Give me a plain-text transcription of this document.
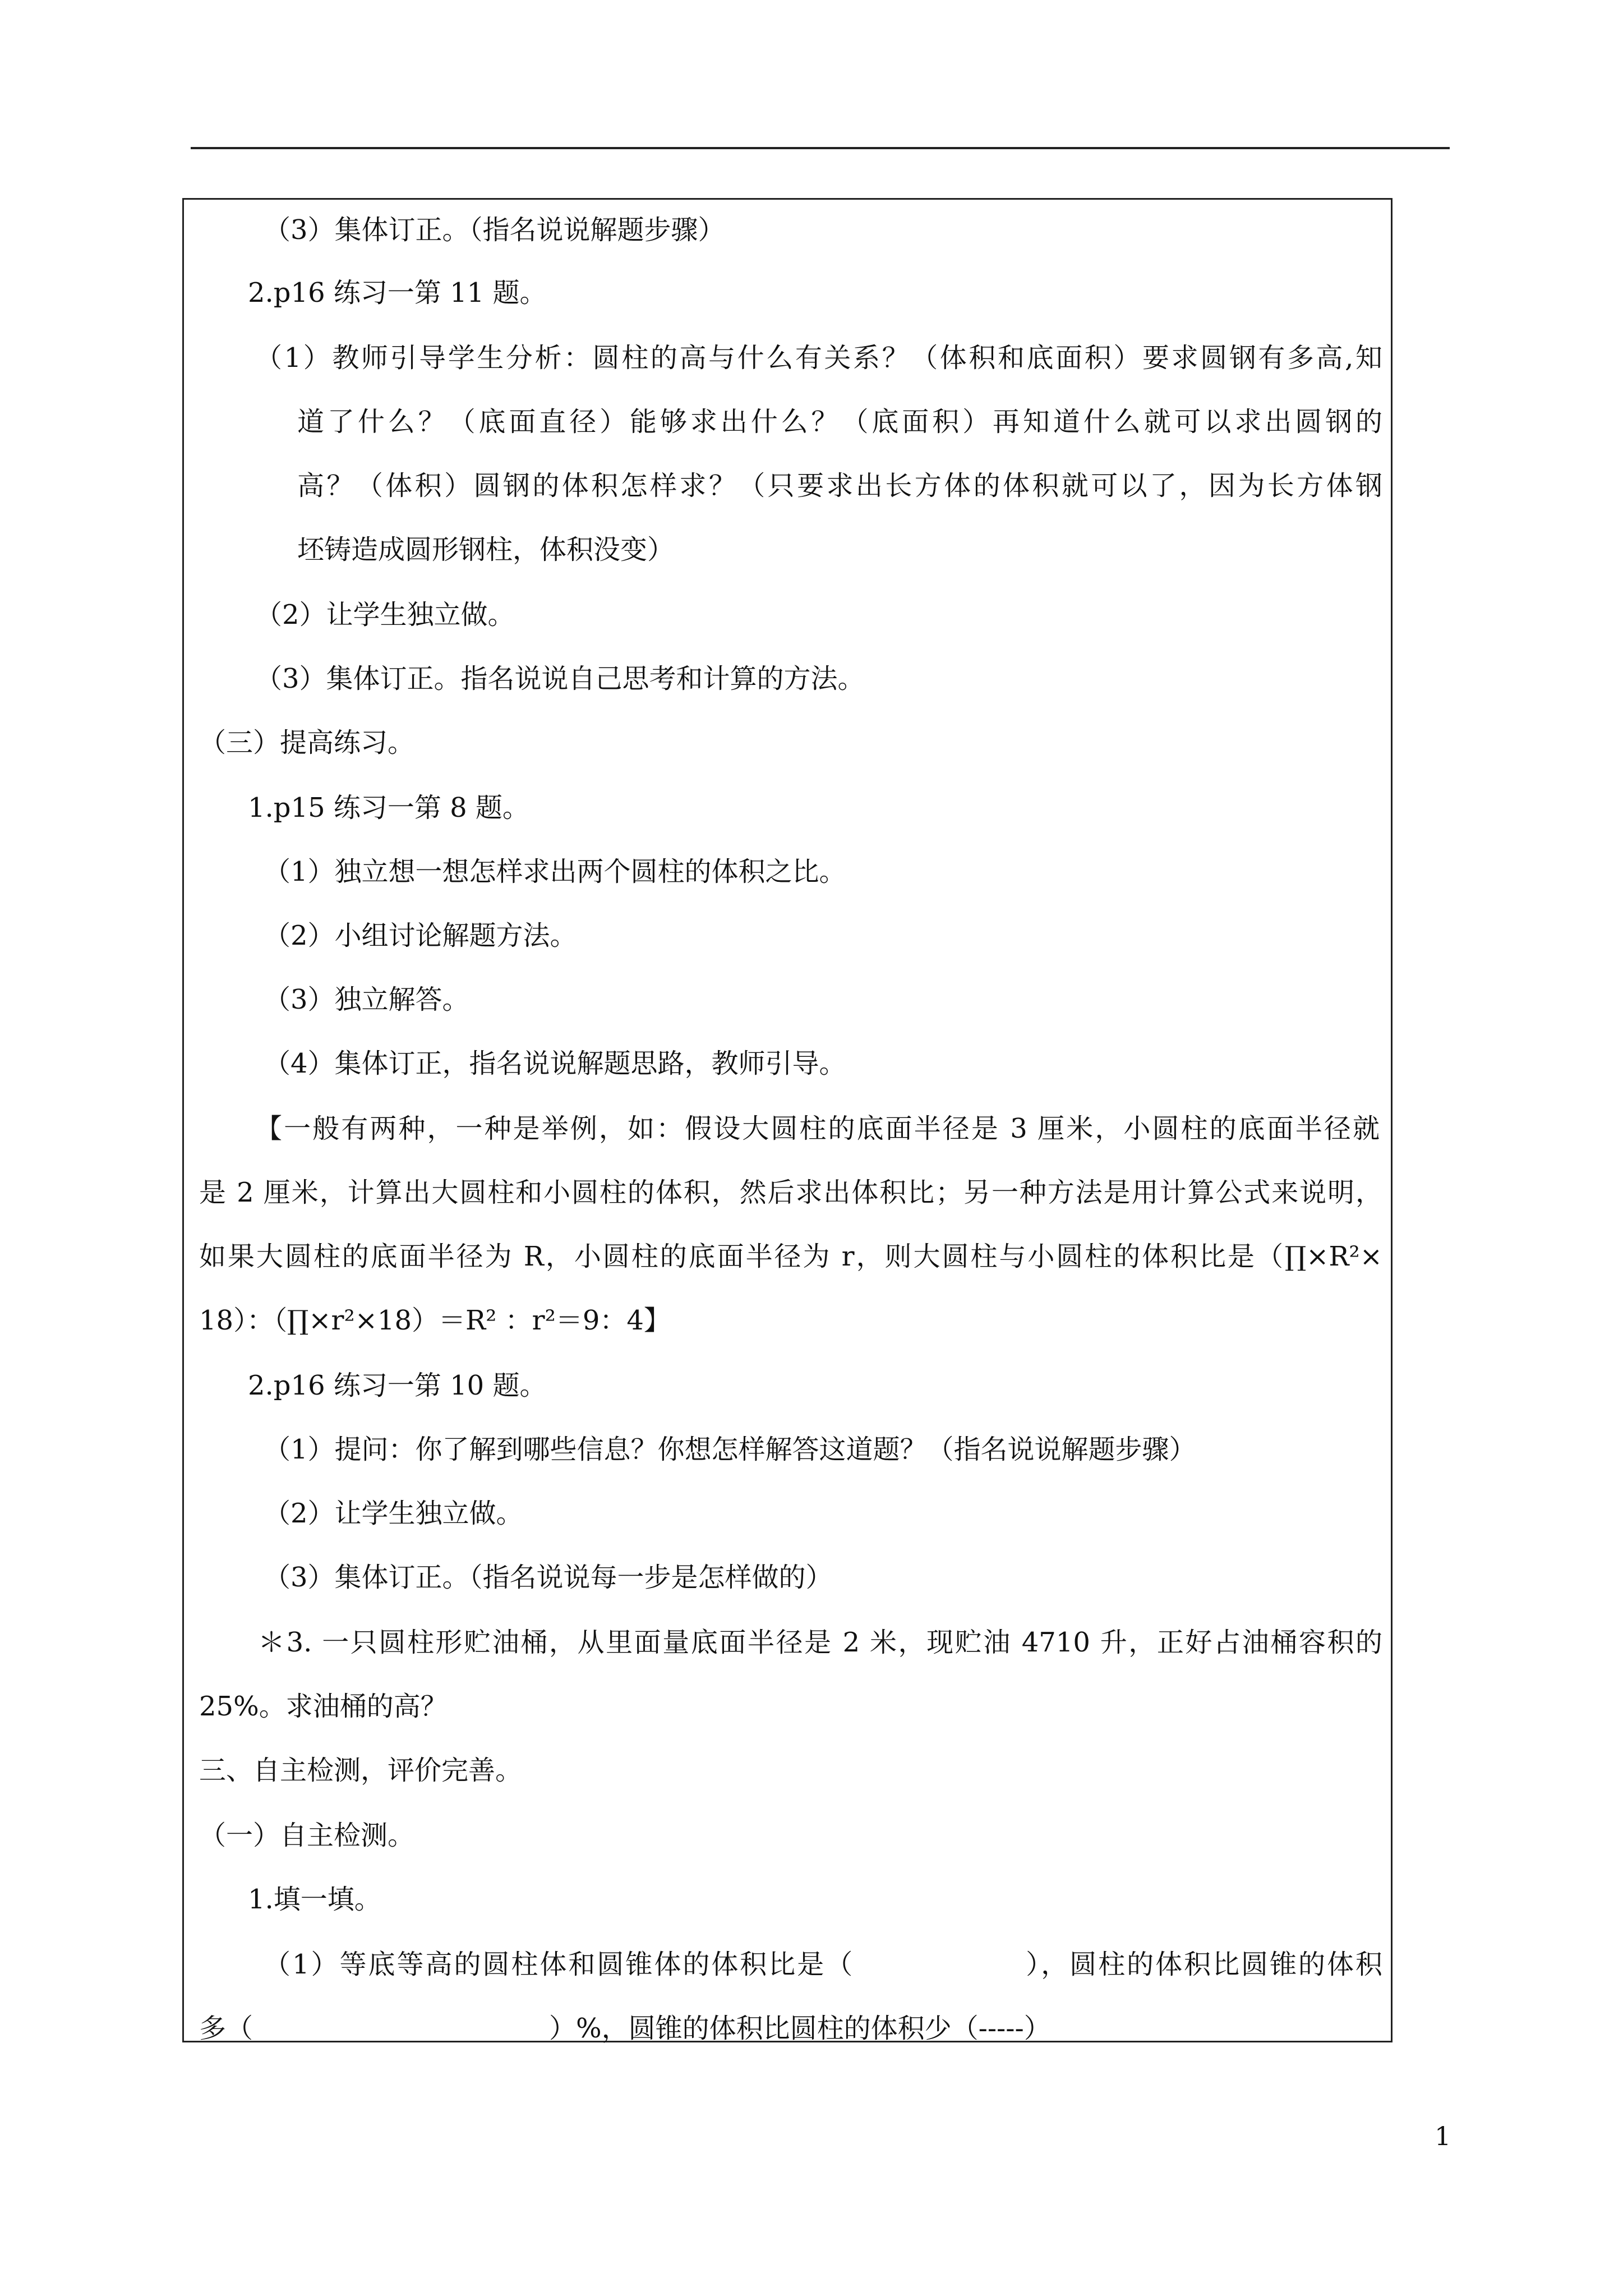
（3）集体订正。（指名说说解题步骤）
2.p16 练习一第 11 题。
（1）教师引导学生分析：圆柱的高与什么有关系？（体积和底面积）要求圆钢有多高,知
道了什么？（底面直径）能够求出什么？（底面积）再知道什么就可以求出圆钢的
高？（体积）圆钢的体积怎样求？（只要求出长方体的体积就可以了，因为长方体钢
坯铸造成圆形钢柱，体积没变）
（2）让学生独立做。
（3）集体订正。指名说说自己思考和计算的方法。
（三）提高练习。
1.p15 练习一第 8 题。
（1）独立想一想怎样求出两个圆柱的体积之比。
（2）小组讨论解题方法。
（3）独立解答。
（4）集体订正，指名说说解题思路，教师引导。
【一般有两种，一种是举例，如：假设大圆柱的底面半径是 3 厘米，小圆柱的底面半径就
是 2 厘米，计算出大圆柱和小圆柱的体积，然后求出体积比；另一种方法是用计算公式来说明，
如果大圆柱的底面半径为 R，小圆柱的底面半径为 r，则大圆柱与小圆柱的体积比是（∏×R²×
18）：（∏×r²×18）＝R² ：r²＝9：4】
2.p16 练习一第 10 题。
（1）提问：你了解到哪些信息？你想怎样解答这道题？（指名说说解题步骤）
（2）让学生独立做。
（3）集体订正。（指名说说每一步是怎样做的）
＊3. 一只圆柱形贮油桶，从里面量底面半径是 2 米，现贮油 4710 升，正好占油桶容积的
25%。求油桶的高？
三、自主检测，评价完善。
（一）自主检测。
1.填一填。
（1）等底等高的圆柱体和圆锥体的体积比是（　　　　　　），圆柱的体积比圆锥的体积
多（　　　　　　　　　　　）%，圆锥的体积比圆柱的体积少（-----）
1
